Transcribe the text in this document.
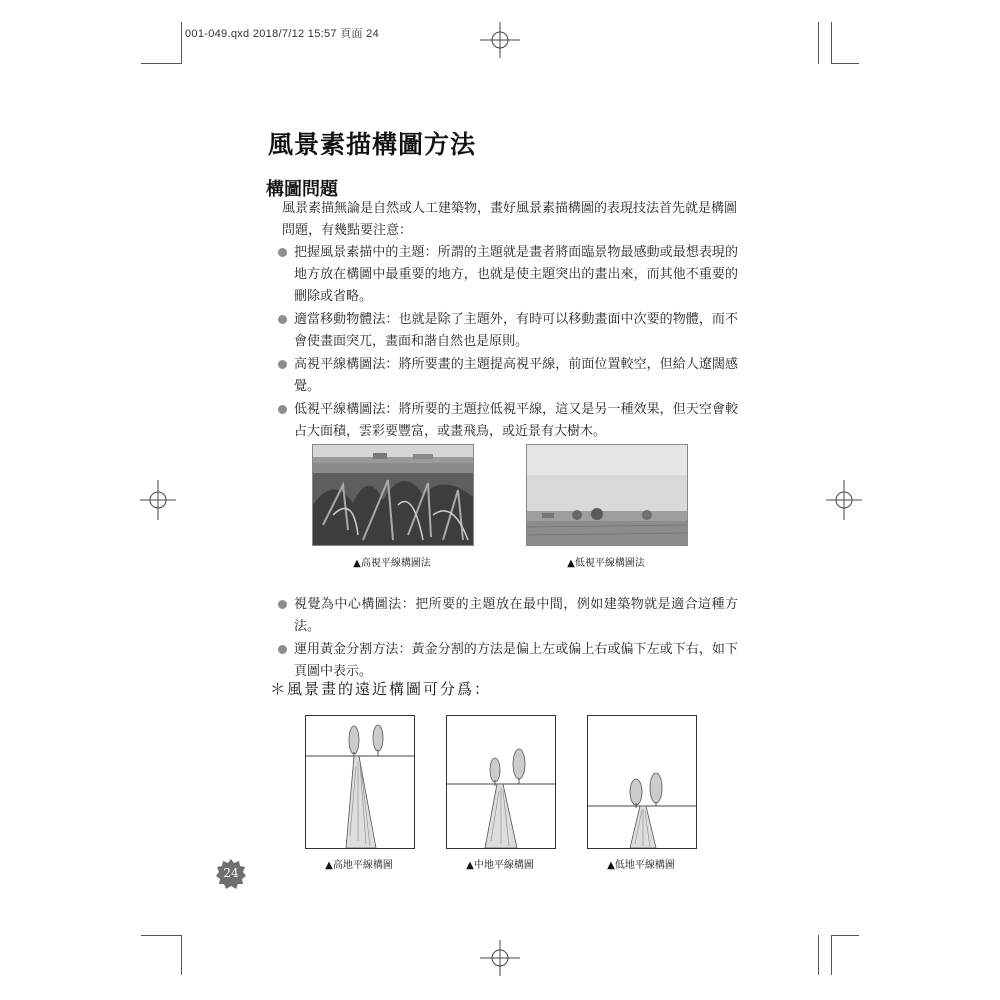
001-049.qxd 2018/7/12 15:57 頁面 24
風景素描構圖方法
構圖問題
風景素描無論是自然或人工建築物，畫好風景素描構圖的表現技法首先就是構圖問題，有幾點要注意：
把握風景素描中的主題：所謂的主題就是畫者將面臨景物最感動或最想表現的地方放在構圖中最重要的地方，也就是使主題突出的畫出來，而其他不重要的刪除或省略。
適當移動物體法：也就是除了主題外，有時可以移動畫面中次要的物體，而不會使畫面突兀，畫面和諧自然也是原則。
高視平線構圖法：將所要畫的主題提高視平線，前面位置較空，但給人遼闊感覺。
低視平線構圖法：將所要的主題拉低視平線，這又是另一種效果，但天空會較占大面積，雲彩要豐富，或畫飛鳥，或近景有大樹木。
▲高視平線構圖法	▲低視平線構圖法
視覺為中心構圖法：把所要的主題放在最中間，例如建築物就是適合這種方法。
運用黃金分割方法：黃金分割的方法是偏上左或偏上右或偏下左或下右，如下頁圖中表示。
＊風景畫的遠近構圖可分爲：
▲高地平線構圖	▲中地平線構圖	▲低地平線構圖
24
